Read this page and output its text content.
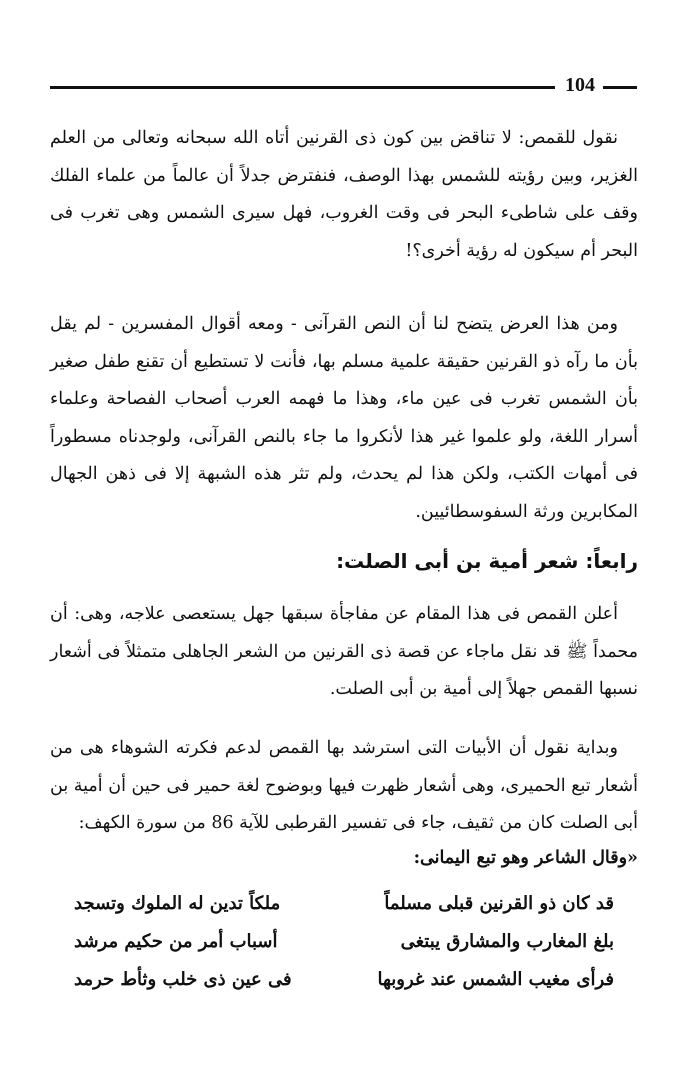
104

نقول للقمص: لا تناقض بين كون ذى القرنين أتاه الله سبحانه وتعالى من العلم الغزير، وبين رؤيته للشمس بهذا الوصف، فنفترض جدلاً أن عالماً من علماء الفلك وقف على شاطىء البحر فى وقت الغروب، فهل سيرى الشمس وهى تغرب فى البحر أم سيكون له رؤية أخرى؟!

ومن هذا العرض يتضح لنا أن النص القرآنى - ومعه أقوال المفسرين - لم يقل بأن ما رآه ذو القرنين حقيقة علمية مسلم بها، فأنت لا تستطيع أن تقنع طفل صغير بأن الشمس تغرب فى عين ماء، وهذا ما فهمه العرب أصحاب الفصاحة وعلماء أسرار اللغة، ولو علموا غير هذا لأنكروا ما جاء بالنص القرآنى، ولوجدناه مسطوراً فى أمهات الكتب، ولكن هذا لم يحدث، ولم تثر هذه الشبهة إلا فى ذهن الجهال المكابرين ورثة السفوسطائيين.

رابعاً: شعر أمية بن أبى الصلت:

أعلن القمص فى هذا المقام عن مفاجأة سبقها جهل يستعصى علاجه، وهى: أن محمداً ﷺ قد نقل ماجاء عن قصة ذى القرنين من الشعر الجاهلى متمثلاً فى أشعار نسبها القمص جهلاً إلى أمية بن أبى الصلت.

وبداية نقول أن الأبيات التى استرشد بها القمص لدعم فكرته الشوهاء هى من أشعار تبع الحميرى، وهى أشعار ظهرت فيها وبوضوح لغة حمير فى حين أن أمية بن أبى الصلت كان من ثقيف، جاء فى تفسير القرطبى للآية 86 من سورة الكهف:

«وقال الشاعر وهو تبع اليمانى:
قد كان ذو القرنين قبلى مسلماً
ملكاً تدين له الملوك وتسجد
بلغ المغارب والمشارق يبتغى
أسباب أمر من حكيم مرشد
فرأى مغيب الشمس عند غروبها
فى عين ذى خلب وثأط حرمد
